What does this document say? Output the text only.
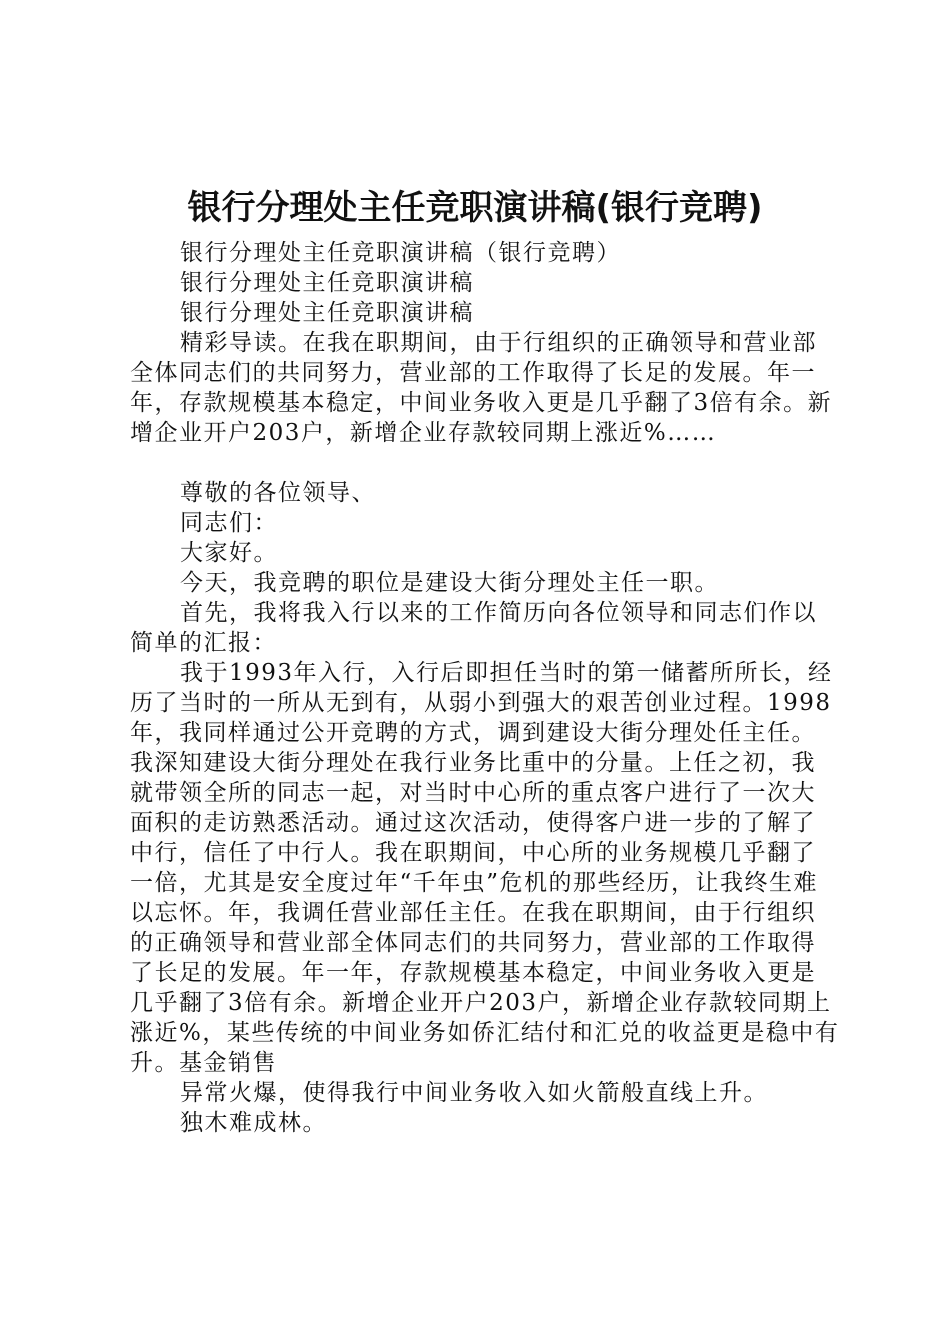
银行分理处主任竞职演讲稿(银行竞聘)

银行分理处主任竞职演讲稿（银行竞聘）

银行分理处主任竞职演讲稿

银行分理处主任竞职演讲稿

精彩导读。在我在职期间，由于行组织的正确领导和营业部全体同志们的共同努力，营业部的工作取得了长足的发展。年一年，存款规模基本稳定，中间业务收入更是几乎翻了3倍有余。新增企业开户203户，新增企业存款较同期上涨近%……

尊敬的各位领导、

同志们：

大家好。

今天，我竞聘的职位是建设大街分理处主任一职。

首先，我将我入行以来的工作简历向各位领导和同志们作以简单的汇报：

我于1993年入行，入行后即担任当时的第一储蓄所所长，经历了当时的一所从无到有，从弱小到强大的艰苦创业过程。1998年，我同样通过公开竞聘的方式，调到建设大街分理处任主任。我深知建设大街分理处在我行业务比重中的分量。上任之初，我就带领全所的同志一起，对当时中心所的重点客户进行了一次大面积的走访熟悉活动。通过这次活动，使得客户进一步的了解了中行，信任了中行人。我在职期间，中心所的业务规模几乎翻了一倍，尤其是安全度过年“千年虫”危机的那些经历，让我终生难以忘怀。年，我调任营业部任主任。在我在职期间，由于行组织的正确领导和营业部全体同志们的共同努力，营业部的工作取得了长足的发展。年一年，存款规模基本稳定，中间业务收入更是几乎翻了3倍有余。新增企业开户203户，新增企业存款较同期上涨近%，某些传统的中间业务如侨汇结付和汇兑的收益更是稳中有升。基金销售

异常火爆，使得我行中间业务收入如火箭般直线上升。

独木难成林。
